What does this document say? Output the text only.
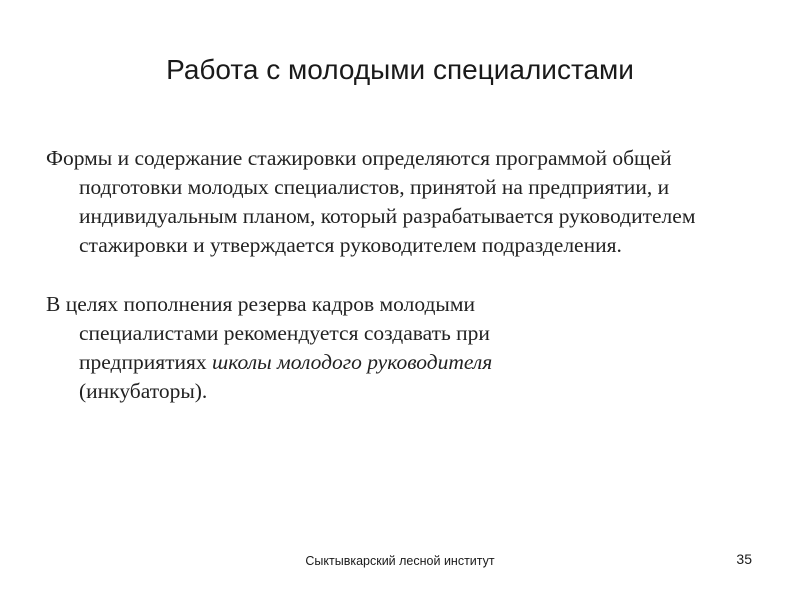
Работа с молодыми специалистами

Формы и содержание стажировки определяются программой общей подготовки молодых специалистов, принятой на предприятии, и индивидуальным планом, который разрабатывается руководителем стажировки и утверждается руководителем подразделения.

В целях пополнения резерва кадров молодыми специалистами рекомендуется создавать при предприятиях школы молодого руководителя (инкубаторы).

Сыктывкарский лесной институт	35
